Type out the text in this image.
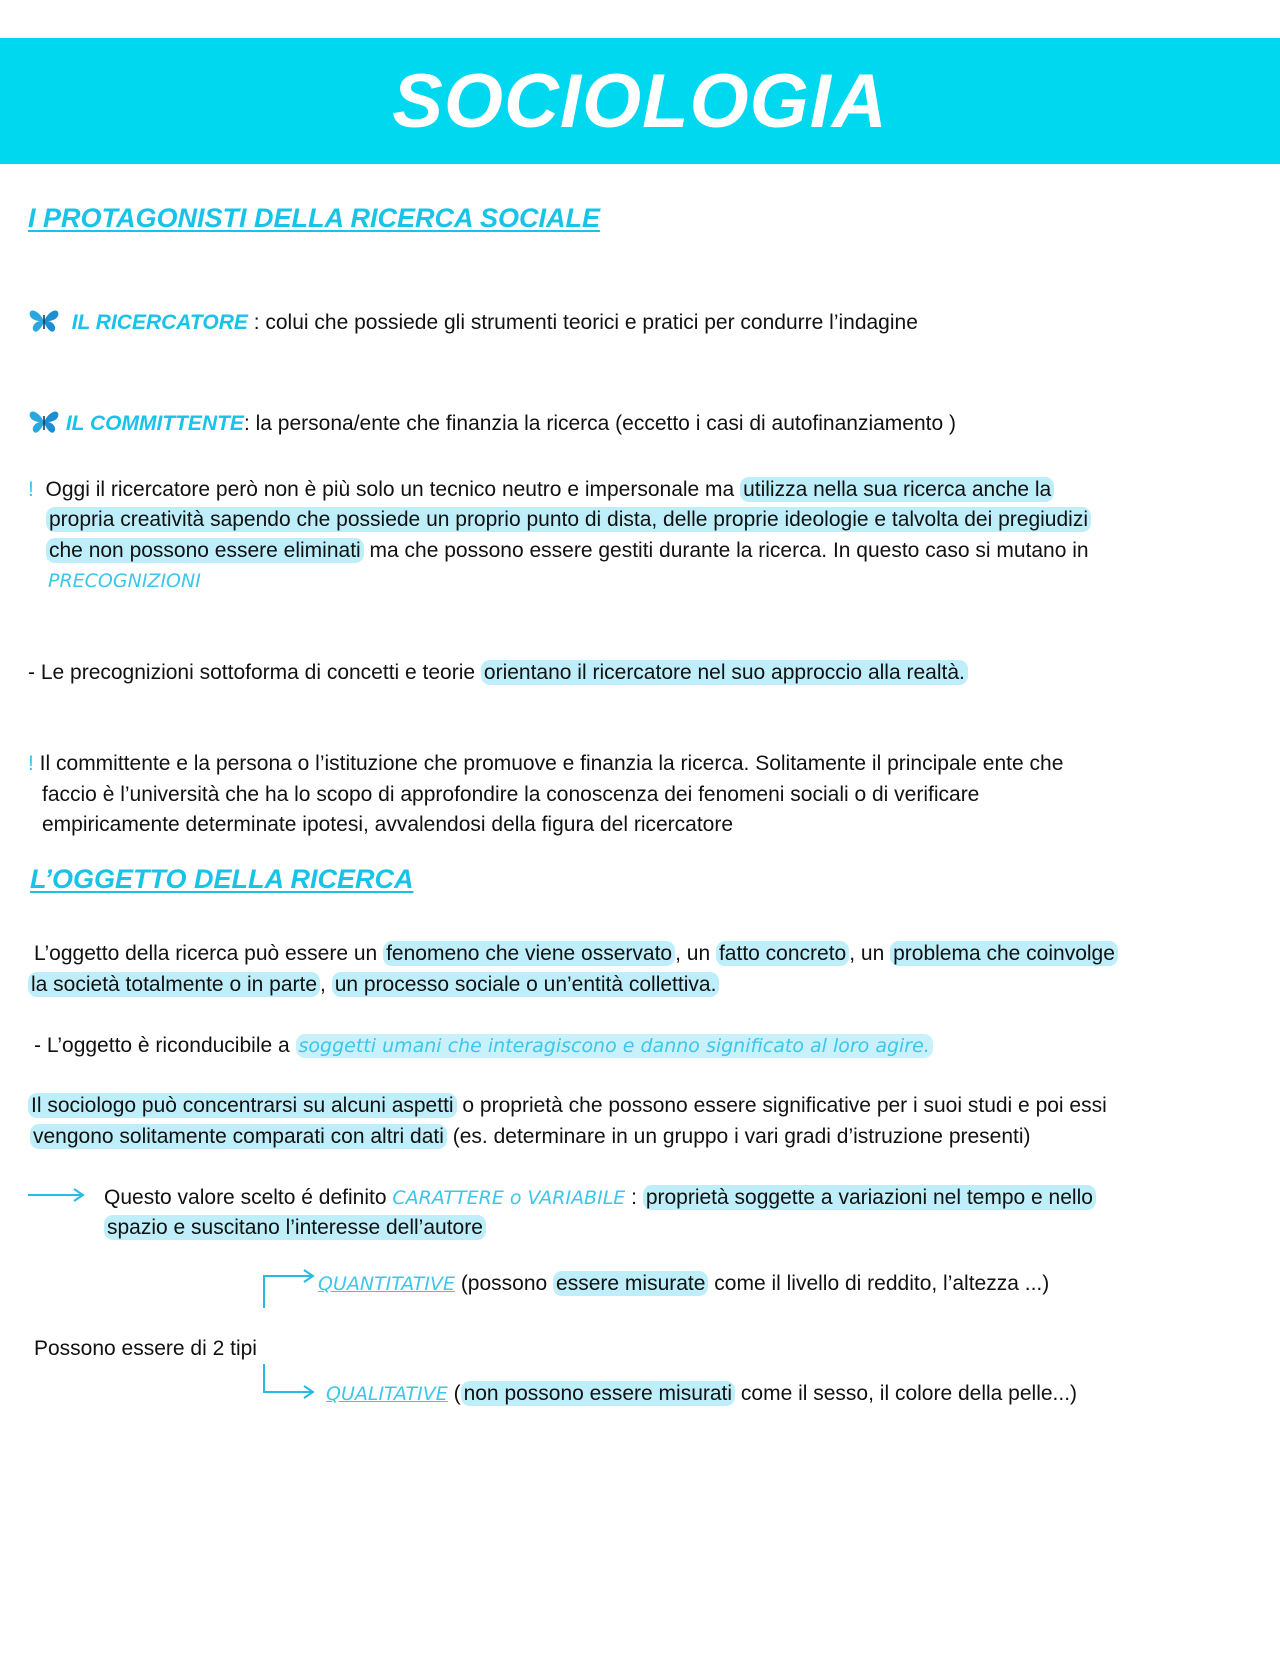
SOCIOLOGIA
I PROTAGONISTI DELLA RICERCA SOCIALE
IL RICERCATORE : colui che possiede gli strumenti teorici e pratici per condurre l’indagine
IL COMMITTENTE: la persona/ente che finanzia la ricerca (eccetto i casi di autofinanziamento )
! Oggi il ricercatore però non è più solo un tecnico neutro e impersonale ma utilizza nella sua ricerca anche la
propria creatività sapendo che possiede un proprio punto di dista, delle proprie ideologie e talvolta dei pregiudizi
che non possono essere eliminati ma che possono essere gestiti durante la ricerca. In questo caso si mutano in
PRECOGNIZIONI
- Le precognizioni sottoforma di concetti e teorie orientano il ricercatore nel suo approccio alla realtà.
! Il committente e la persona o l’istituzione che promuove e finanzia la ricerca. Solitamente il principale ente che
faccio è l’università che ha lo scopo di approfondire la conoscenza dei fenomeni sociali o di verificare
empiricamente determinate ipotesi, avvalendosi della figura del ricercatore
L’OGGETTO DELLA RICERCA
L’oggetto della ricerca può essere un fenomeno che viene osservato , un fatto concreto , un problema che coinvolge
la società totalmente o in parte , un processo sociale o un’entità collettiva.
- L’oggetto è riconducibile a soggetti umani che interagiscono e danno significato al loro agire.
Il sociologo può concentrarsi su alcuni aspetti o proprietà che possono essere significative per i suoi studi e poi essi
vengono solitamente comparati con altri dati (es. determinare in un gruppo i vari gradi d’istruzione presenti)
Questo valore scelto é definito CARATTERE o VARIABILE : proprietà soggette a variazioni nel tempo e nello
spazio e suscitano l’interesse dell’autore
QUANTITATIVE (possono essere misurate come il livello di reddito, l’altezza ...)
Possono essere di 2 tipi
QUALITATIVE ( non possono essere misurati come il sesso, il colore della pelle...)
